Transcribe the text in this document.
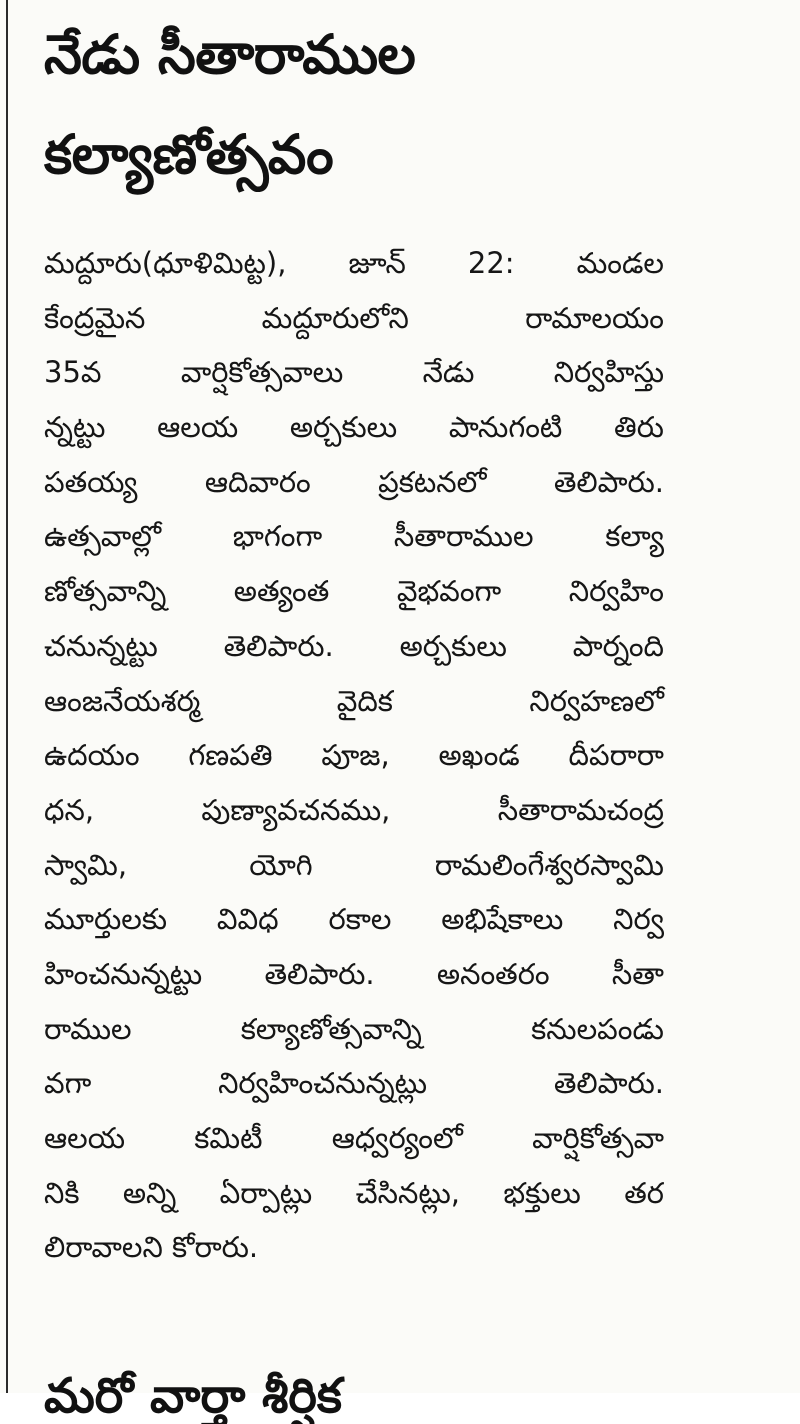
నేడు సీతారాముల
కల్యాణోత్సవం
మద్దూరు(ధూళిమిట్ట), జూన్ 22: మండల
కేంద్రమైన	మద్దూరులోని	రామాలయం
35వ	వార్షికోత్సవాలు	నేడు	నిర్వహిస్తు
న్నట్టు ఆలయ అర్చకులు పానుగంటి తిరు
పతయ్య ఆదివారం ప్రకటనలో తెలిపారు.
ఉత్సవాల్లో భాగంగా సీతారాముల కల్యా
ణోత్సవాన్ని అత్యంత వైభవంగా నిర్వహిం
చనున్నట్టు తెలిపారు. అర్చకులు పార్నంది
ఆంజనేయశర్మ	వైదిక	నిర్వహణలో
ఉదయం గణపతి పూజ, అఖండ దీపరారా
ధన,	పుణ్యావచనము,	సీతారామచంద్ర
స్వామి,	యోగి	రామలింగేశ్వరస్వామి
మూర్తులకు వివిధ రకాల అభిషేకాలు నిర్వ
హించనున్నట్టు తెలిపారు. అనంతరం సీతా
రాముల	కల్యాణోత్సవాన్ని	కనులపండు
వగా	నిర్వహించనున్నట్లు	తెలిపారు.
ఆలయ కమిటీ ఆధ్వర్యంలో వార్షికోత్సవా
నికి అన్ని ఏర్పాట్లు చేసినట్లు, భక్తులు తర
లిరావాలని కోరారు.
మరో వార్తా శీర్షిక
